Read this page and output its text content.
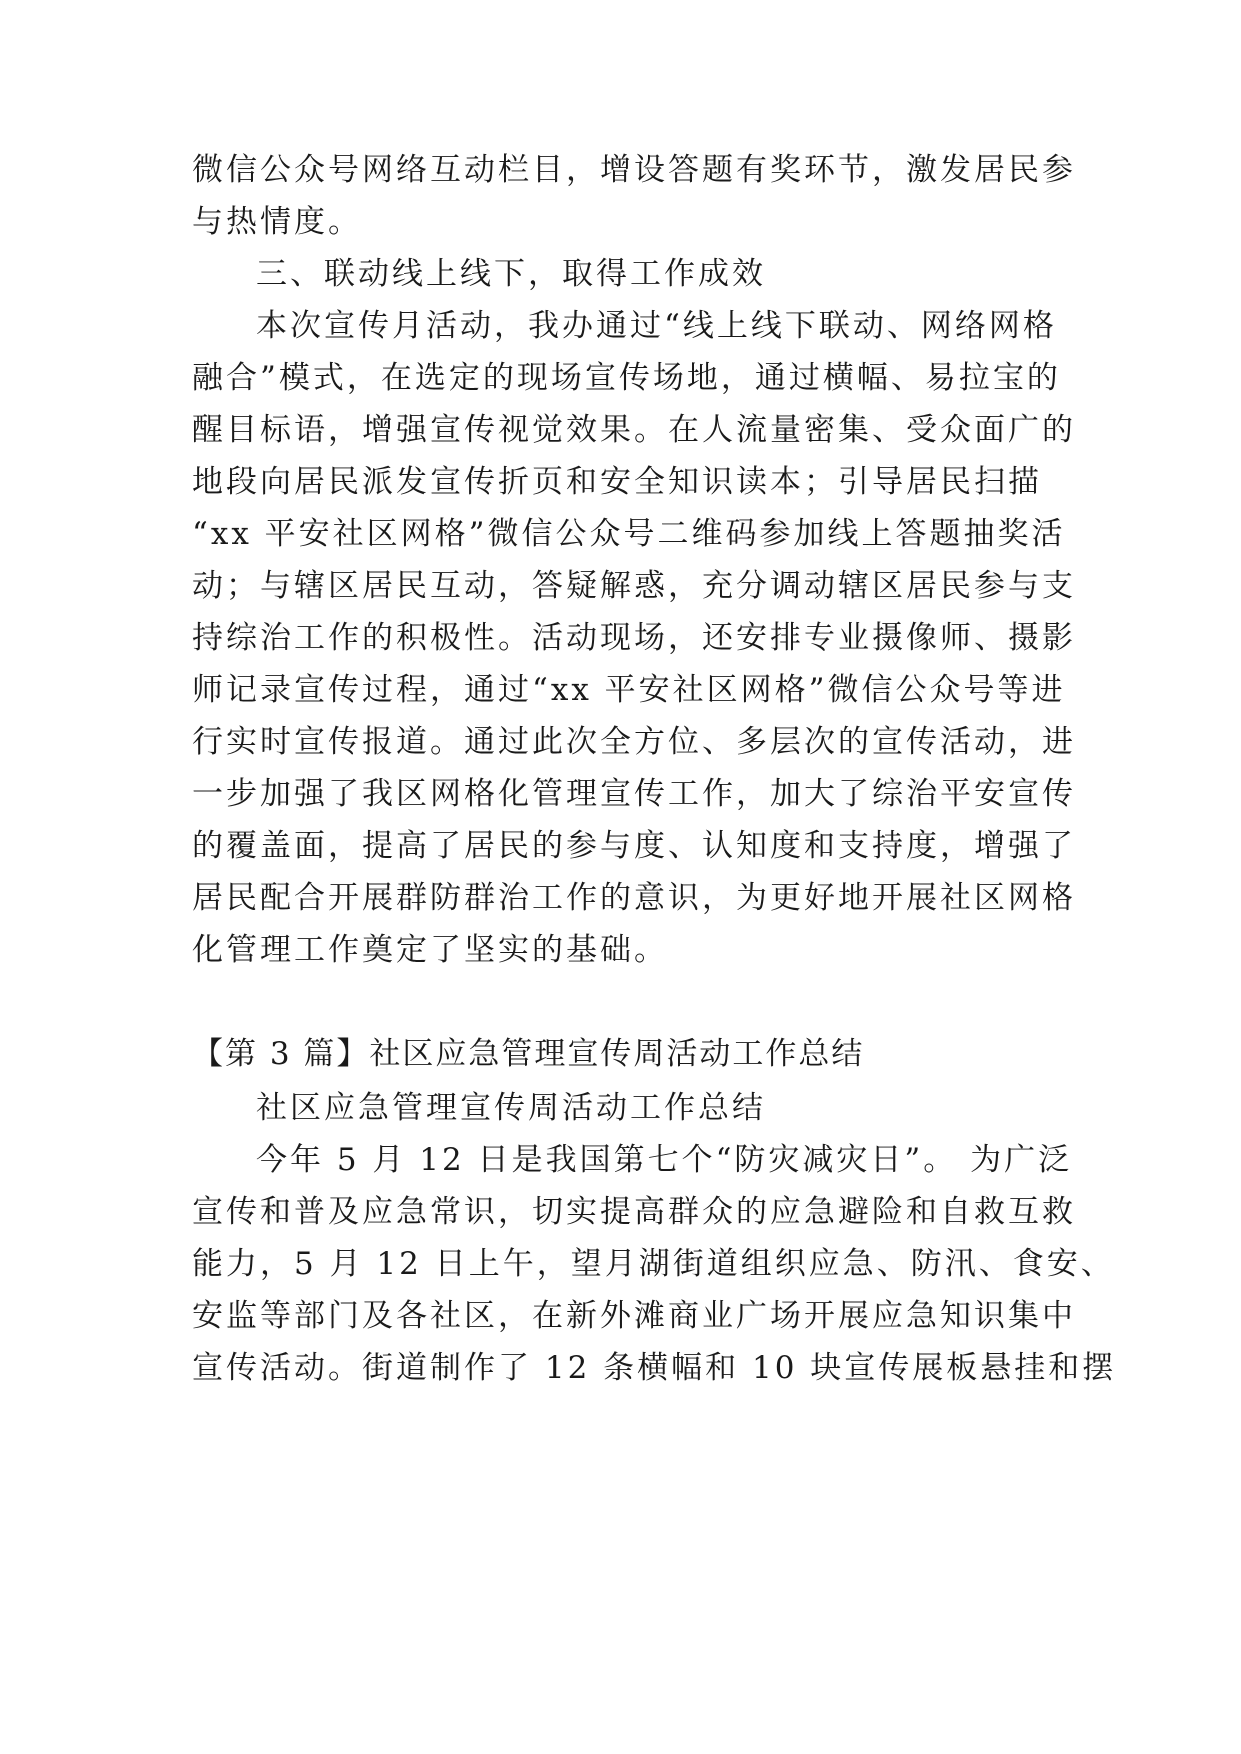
微信公众号网络互动栏目，增设答题有奖环节，激发居民参
与热情度。
三、联动线上线下，取得工作成效
本次宣传月活动，我办通过“线上线下联动、网络网格
融合”模式，在选定的现场宣传场地，通过横幅、易拉宝的
醒目标语，增强宣传视觉效果。在人流量密集、受众面广的
地段向居民派发宣传折页和安全知识读本；引导居民扫描
“xx 平安社区网格”微信公众号二维码参加线上答题抽奖活
动；与辖区居民互动，答疑解惑，充分调动辖区居民参与支
持综治工作的积极性。活动现场，还安排专业摄像师、摄影
师记录宣传过程，通过“xx 平安社区网格”微信公众号等进
行实时宣传报道。通过此次全方位、多层次的宣传活动，进
一步加强了我区网格化管理宣传工作，加大了综治平安宣传
的覆盖面，提高了居民的参与度、认知度和支持度，增强了
居民配合开展群防群治工作的意识，为更好地开展社区网格
化管理工作奠定了坚实的基础。
【第 3 篇】社区应急管理宣传周活动工作总结
社区应急管理宣传周活动工作总结
今年 5 月 12 日是我国第七个“防灾减灾日”。 为广泛
宣传和普及应急常识，切实提高群众的应急避险和自救互救
能力，5 月 12 日上午，望月湖街道组织应急、防汛、食安、
安监等部门及各社区，在新外滩商业广场开展应急知识集中
宣传活动。街道制作了 12 条横幅和 10 块宣传展板悬挂和摆
